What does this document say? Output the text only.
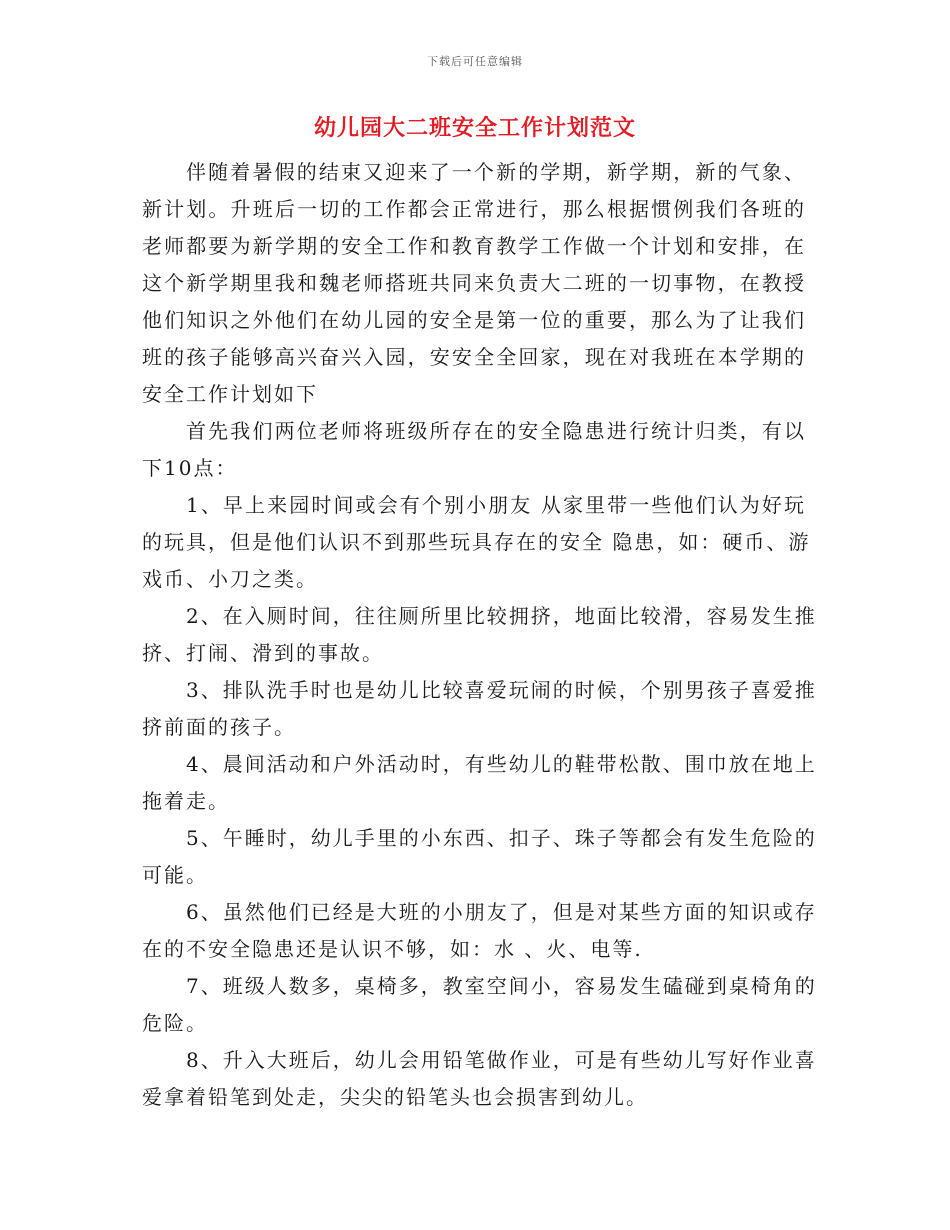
下载后可任意编辑
幼儿园大二班安全工作计划范文
伴随着暑假的结束又迎来了一个新的学期，新学期，新的气象、
新计划。升班后一切的工作都会正常进行，那么根据惯例我们各班的
老师都要为新学期的安全工作和教育教学工作做一个计划和安排，在
这个新学期里我和魏老师搭班共同来负责大二班的一切事物，在教授
他们知识之外他们在幼儿园的安全是第一位的重要，那么为了让我们
班的孩子能够高兴奋兴入园，安安全全回家，现在对我班在本学期的
安全工作计划如下
首先我们两位老师将班级所存在的安全隐患进行统计归类，有以
下10点：
1、早上来园时间或会有个别小朋友 从家里带一些他们认为好玩
的玩具，但是他们认识不到那些玩具存在的安全 隐患，如：硬币、游
戏币、小刀之类。
2、在入厕时间，往往厕所里比较拥挤，地面比较滑，容易发生推
挤、打闹、滑到的事故。
3、排队洗手时也是幼儿比较喜爱玩闹的时候，个别男孩子喜爱推
挤前面的孩子。
4、晨间活动和户外活动时，有些幼儿的鞋带松散、围巾放在地上
拖着走。
5、午睡时，幼儿手里的小东西、扣子、珠子等都会有发生危险的
可能。
6、虽然他们已经是大班的小朋友了，但是对某些方面的知识或存
在的不安全隐患还是认识不够，如：水 、火、电等.
7、班级人数多，桌椅多，教室空间小，容易发生磕碰到桌椅角的
危险。
8、升入大班后，幼儿会用铅笔做作业，可是有些幼儿写好作业喜
爱拿着铅笔到处走，尖尖的铅笔头也会损害到幼儿。
